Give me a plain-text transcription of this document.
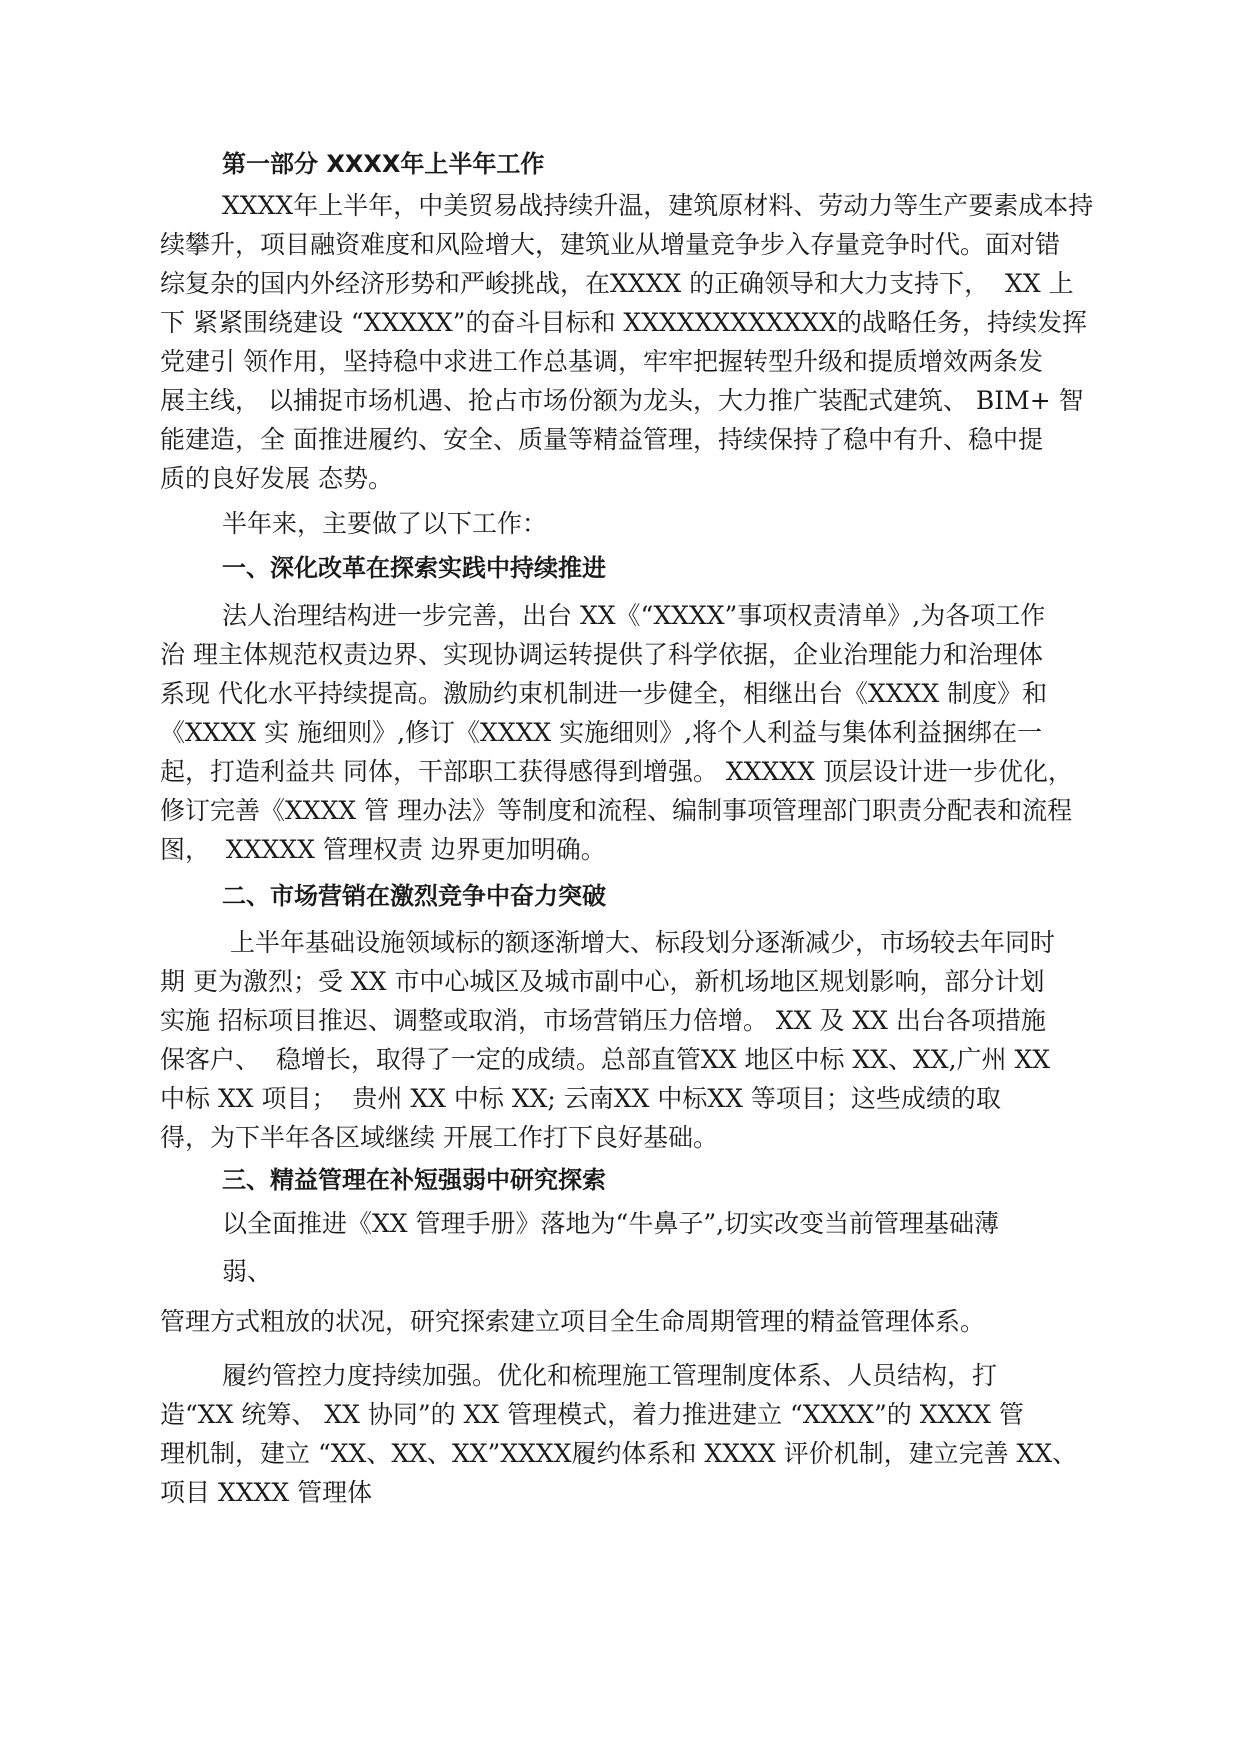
第一部分 XXXX年上半年工作
XXXX年上半年，中美贸易战持续升温，建筑原材料、劳动力等生产要素成本持
续攀升，项目融资难度和风险增大，建筑业从增量竞争步入存量竞争时代。面对错
综复杂的国内外经济形势和严峻挑战，在XXXX 的正确领导和大力支持下，  XX 上
下 紧紧围绕建设 “XXXXX”的奋斗目标和 XXXXXXXXXXXX的战略任务，持续发挥
党建引 领作用，坚持稳中求进工作总基调，牢牢把握转型升级和提质增效两条发
展主线， 以捕捉市场机遇、抢占市场份额为龙头，大力推广装配式建筑、 BIM+ 智
能建造，全 面推进履约、安全、质量等精益管理，持续保持了稳中有升、稳中提
质的良好发展 态势。
半年来，主要做了以下工作：
一、深化改革在探索实践中持续推进
法人治理结构进一步完善，出台 XX《“XXXX”事项权责清单》,为各项工作
治 理主体规范权责边界、实现协调运转提供了科学依据，企业治理能力和治理体
系现 代化水平持续提高。激励约束机制进一步健全，相继出台《XXXX 制度》和
《XXXX 实 施细则》,修订《XXXX 实施细则》,将个人利益与集体利益捆绑在一
起，打造利益共 同体，干部职工获得感得到增强。 XXXXX 顶层设计进一步优化，
修订完善《XXXX 管 理办法》等制度和流程、编制事项管理部门职责分配表和流程
图，  XXXXX 管理权责 边界更加明确。
二、市场营销在激烈竞争中奋力突破
上半年基础设施领域标的额逐渐增大、标段划分逐渐减少，市场较去年同时
期 更为激烈；受 XX 市中心城区及城市副中心，新机场地区规划影响，部分计划
实施 招标项目推迟、调整或取消，市场营销压力倍增。 XX 及 XX 出台各项措施
保客户、  稳增长，取得了一定的成绩。总部直管XX 地区中标 XX、XX,广州 XX
中标 XX 项目；  贵州 XX 中标 XX; 云南XX 中标XX 等项目；这些成绩的取
得，为下半年各区域继续 开展工作打下良好基础。
三、精益管理在补短强弱中研究探索
以全面推进《XX 管理手册》落地为“牛鼻子”,切实改变当前管理基础薄
弱、
管理方式粗放的状况，研究探索建立项目全生命周期管理的精益管理体系。
履约管控力度持续加强。优化和梳理施工管理制度体系、人员结构，打
造“XX 统筹、 XX 协同”的 XX 管理模式，着力推进建立 “XXXX”的 XXXX 管
理机制，建立 “XX、XX、XX”XXXX履约体系和 XXXX 评价机制，建立完善 XX、
项目 XXXX 管理体
